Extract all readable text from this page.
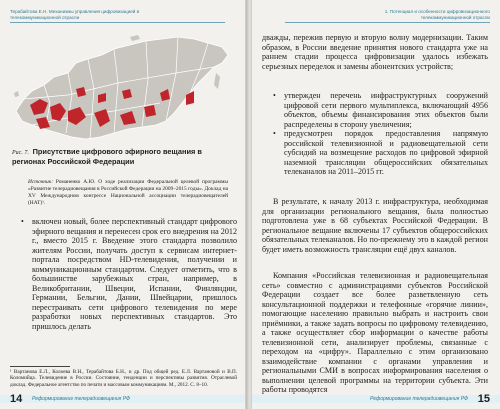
Терабайтова Е.Н. Механизмы управления цифровизацией в
телекоммуникационной отрасли
Рис. 7. Присутствие цифрового эфирного вещания в регионах Российской Федерации
Источник: Романенко А.Ю. О ходе реализации Федеральной целевой программы «Развитие телерадиовещания в Российской Федерации на 2009–2015 годы». Доклад на XV Международном конгрессе Национальной ассоциации телерадиовещателей (НАТ)¹.
• включен новый, более перспективный стандарт цифрового эфирного вещания и перенесен срок его внедрения на 2012 г., вместо 2015 г. Введение этого стандарта позволило жителям России, получать доступ к сервисам интернет-портала посредством HD-телевидения, получении и коммуникационным стандартом. Следует отметить, что в большинстве зарубежных стран, например, в Великобритании, Швеции, Испании, Финляндии, Германии, Бельгии, Дании, Швейцарии, пришлось перестраивать сети цифрового телевидения по мере разработки новых перспективных стандартов. Это пришлось делать
¹ Вартанова Е.Л., Колоева В.Н., Терабайтова Б.Н., и др. Под общей ред. Е.Л. Вартановой и В.П. Коломийца. Телевидение в России. Состояние, тенденции и перспективы развития. Отраслевой доклад. Федеральное агентство по печати и массовым коммуникациям. М., 2012. С. 8–10.
14 Реформирование телерадиовещания РФ
1. Потенциал и особенности цифровизационного
телекоммуникационной отрасли
дважды, пережив первую и вторую волну модернизации. Таким образом, в России введение принятия нового стандарта уже на раннем стадии процесса цифровизации удалось избежать серьезных переделок и замены абонентских устройств;
• утвержден перечень инфраструктурных сооружений цифровой сети первого мультиплекса, включающий 4956 объектов, объемы финансирования этих объектов были распределены в сторону увеличения;
• предусмотрен порядок предоставления напрямую российской телевизионной и радиовещательной сети субсидий на возмещение расходов по цифровой эфирной наземной трансляции общероссийских обязательных телеканалов на 2011–2015 гг.
В результате, к началу 2013 г. инфраструктура, необходимая для организации регионального вещания, была полностью подготовлена уже в 68 субъектах Российской Федерации. В региональное вещание включены 17 субъектов общероссийских обязательных телеканалов. Но по-прежнему это в каждой регион будет иметь возможность трансляции ещё двух каналов.
Компания «Российская телевизионная и радиовещательная сеть» совместно с администрациями субъектов Российской Федерации создает все более разветвленную сеть консультационной поддержки и телефонные «горячие линии», помогающие населению правильно выбрать и настроить свои приёмники, а также задать вопросы по цифровому телевидению, а также осуществляет сбор информации о качестве работы телевизионной сети, анализирует проблемы, связанные с переходом на «цифру». Параллельно с этим организовано взаимодействие компании с органами управления и региональными СМИ в вопросах информирования населения о выполнении целевой программы на территории субъекта. Эти работы проводятся
Реформирование телерадиовещания РФ 15
